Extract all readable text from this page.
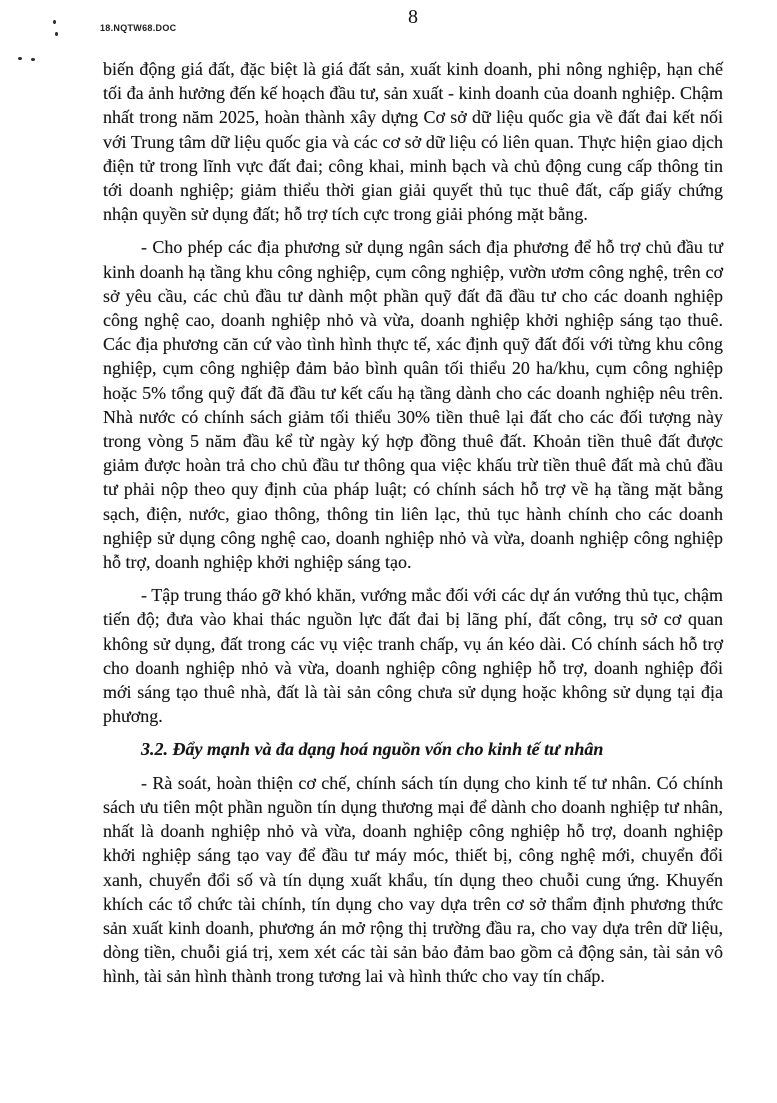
18.NQTW68.DOC	8

biến động giá đất, đặc biệt là giá đất sản, xuất kinh doanh, phi nông nghiệp, hạn chế tối đa ảnh hưởng đến kế hoạch đầu tư, sản xuất - kinh doanh của doanh nghiệp. Chậm nhất trong năm 2025, hoàn thành xây dựng Cơ sở dữ liệu quốc gia về đất đai kết nối với Trung tâm dữ liệu quốc gia và các cơ sở dữ liệu có liên quan. Thực hiện giao dịch điện tử trong lĩnh vực đất đai; công khai, minh bạch và chủ động cung cấp thông tin tới doanh nghiệp; giảm thiểu thời gian giải quyết thủ tục thuê đất, cấp giấy chứng nhận quyền sử dụng đất; hỗ trợ tích cực trong giải phóng mặt bằng.

- Cho phép các địa phương sử dụng ngân sách địa phương để hỗ trợ chủ đầu tư kinh doanh hạ tầng khu công nghiệp, cụm công nghiệp, vườn ươm công nghệ, trên cơ sở yêu cầu, các chủ đầu tư dành một phần quỹ đất đã đầu tư cho các doanh nghiệp công nghệ cao, doanh nghiệp nhỏ và vừa, doanh nghiệp khởi nghiệp sáng tạo thuê. Các địa phương căn cứ vào tình hình thực tế, xác định quỹ đất đối với từng khu công nghiệp, cụm công nghiệp đảm bảo bình quân tối thiểu 20 ha/khu, cụm công nghiệp hoặc 5% tổng quỹ đất đã đầu tư kết cấu hạ tầng dành cho các doanh nghiệp nêu trên. Nhà nước có chính sách giảm tối thiểu 30% tiền thuê lại đất cho các đối tượng này trong vòng 5 năm đầu kể từ ngày ký hợp đồng thuê đất. Khoản tiền thuê đất được giảm được hoàn trả cho chủ đầu tư thông qua việc khấu trừ tiền thuê đất mà chủ đầu tư phải nộp theo quy định của pháp luật; có chính sách hỗ trợ về hạ tầng mặt bằng sạch, điện, nước, giao thông, thông tin liên lạc, thủ tục hành chính cho các doanh nghiệp sử dụng công nghệ cao, doanh nghiệp nhỏ và vừa, doanh nghiệp công nghiệp hỗ trợ, doanh nghiệp khởi nghiệp sáng tạo.

- Tập trung tháo gỡ khó khăn, vướng mắc đối với các dự án vướng thủ tục, chậm tiến độ; đưa vào khai thác nguồn lực đất đai bị lãng phí, đất công, trụ sở cơ quan không sử dụng, đất trong các vụ việc tranh chấp, vụ án kéo dài. Có chính sách hỗ trợ cho doanh nghiệp nhỏ và vừa, doanh nghiệp công nghiệp hỗ trợ, doanh nghiệp đổi mới sáng tạo thuê nhà, đất là tài sản công chưa sử dụng hoặc không sử dụng tại địa phương.

3.2. Đẩy mạnh và đa dạng hoá nguồn vốn cho kinh tế tư nhân

- Rà soát, hoàn thiện cơ chế, chính sách tín dụng cho kinh tế tư nhân. Có chính sách ưu tiên một phần nguồn tín dụng thương mại để dành cho doanh nghiệp tư nhân, nhất là doanh nghiệp nhỏ và vừa, doanh nghiệp công nghiệp hỗ trợ, doanh nghiệp khởi nghiệp sáng tạo vay để đầu tư máy móc, thiết bị, công nghệ mới, chuyển đổi xanh, chuyển đổi số và tín dụng xuất khẩu, tín dụng theo chuỗi cung ứng. Khuyến khích các tổ chức tài chính, tín dụng cho vay dựa trên cơ sở thẩm định phương thức sản xuất kinh doanh, phương án mở rộng thị trường đầu ra, cho vay dựa trên dữ liệu, dòng tiền, chuỗi giá trị, xem xét các tài sản bảo đảm bao gồm cả động sản, tài sản vô hình, tài sản hình thành trong tương lai và hình thức cho vay tín chấp.
